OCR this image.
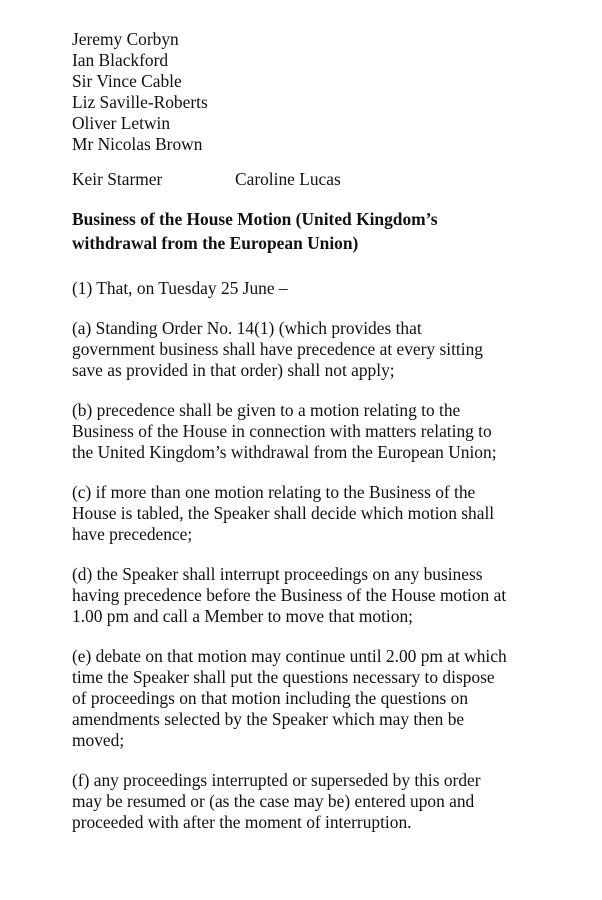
Jeremy Corbyn
Ian Blackford
Sir Vince Cable
Liz Saville-Roberts
Oliver Letwin
Mr Nicolas Brown
Keir Starmer	Caroline Lucas
Business of the House Motion (United Kingdom’s
withdrawal from the European Union)
(1) That, on Tuesday 25 June –
(a) Standing Order No. 14(1) (which provides that
government business shall have precedence at every sitting
save as provided in that order) shall not apply;
(b) precedence shall be given to a motion relating to the
Business of the House in connection with matters relating to
the United Kingdom’s withdrawal from the European Union;
(c) if more than one motion relating to the Business of the
House is tabled, the Speaker shall decide which motion shall
have precedence;
(d) the Speaker shall interrupt proceedings on any business
having precedence before the Business of the House motion at
1.00 pm and call a Member to move that motion;
(e) debate on that motion may continue until 2.00 pm at which
time the Speaker shall put the questions necessary to dispose
of proceedings on that motion including the questions on
amendments selected by the Speaker which may then be
moved;
(f) any proceedings interrupted or superseded by this order
may be resumed or (as the case may be) entered upon and
proceeded with after the moment of interruption.
